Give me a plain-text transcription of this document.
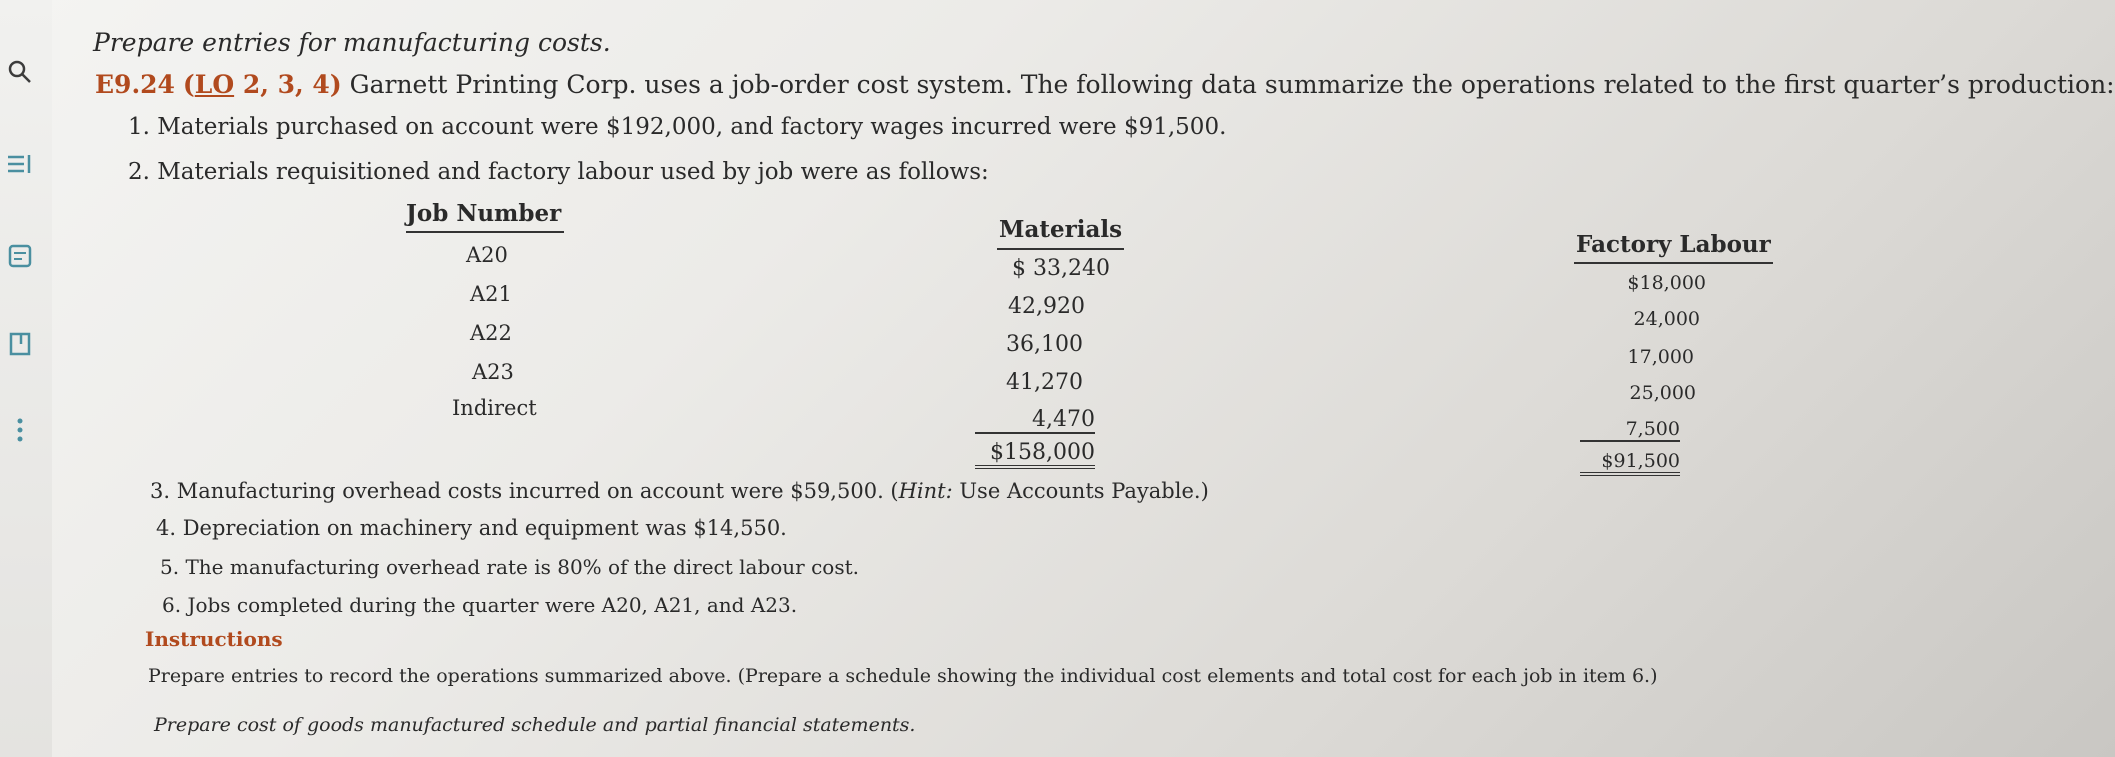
Prepare entries for manufacturing costs.
E9.24 (LO 2, 3, 4) Garnett Printing Corp. uses a job-order cost system. The following data summarize the operations related to the first quarter’s production:
1. Materials purchased on account were $192,000, and factory wages incurred were $91,500.
2. Materials requisitioned and factory labour used by job were as follows:
Job Number
Materials
Factory Labour
A20
A21
A22
A23
Indirect
$ 33,240
42,920
36,100
41,270
4,470
$158,000
$18,000
24,000
17,000
25,000
7,500
$91,500
3. Manufacturing overhead costs incurred on account were $59,500. (Hint: Use Accounts Payable.)
4. Depreciation on machinery and equipment was $14,550.
5. The manufacturing overhead rate is 80% of the direct labour cost.
6. Jobs completed during the quarter were A20, A21, and A23.
Instructions
Prepare entries to record the operations summarized above. (Prepare a schedule showing the individual cost elements and total cost for each job in item 6.)
Prepare cost of goods manufactured schedule and partial financial statements.
